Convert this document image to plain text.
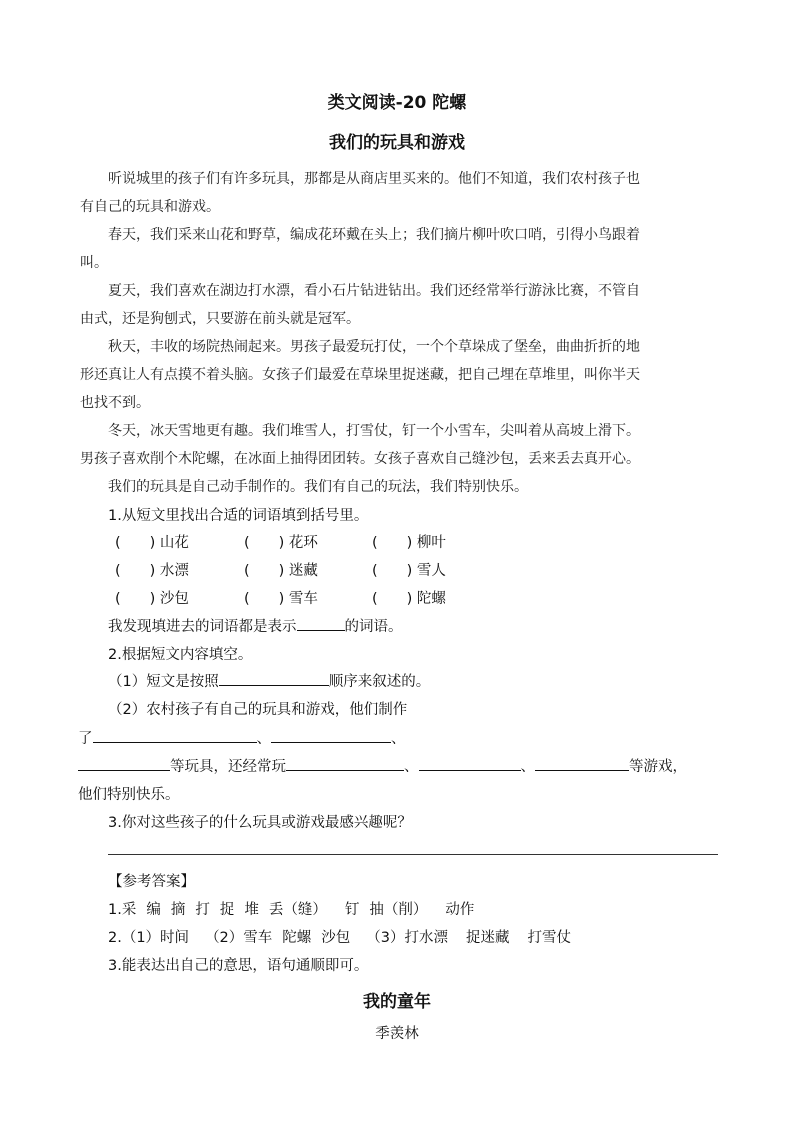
类文阅读-20 陀螺
我们的玩具和游戏
听说城里的孩子们有许多玩具，那都是从商店里买来的。他们不知道，我们农村孩子也
有自己的玩具和游戏。
春天，我们采来山花和野草，编成花环戴在头上；我们摘片柳叶吹口哨，引得小鸟跟着
叫。
夏天，我们喜欢在湖边打水漂，看小石片钻进钻出。我们还经常举行游泳比赛，不管自
由式，还是狗刨式，只要游在前头就是冠军。
秋天，丰收的场院热闹起来。男孩子最爱玩打仗，一个个草垛成了堡垒，曲曲折折的地
形还真让人有点摸不着头脑。女孩子们最爱在草垛里捉迷藏，把自己埋在草堆里，叫你半天
也找不到。
冬天，冰天雪地更有趣。我们堆雪人，打雪仗，钉一个小雪车，尖叫着从高坡上滑下。
男孩子喜欢削个木陀螺，在冰面上抽得团团转。女孩子喜欢自己缝沙包，丢来丢去真开心。
我们的玩具是自己动手制作的。我们有自己的玩法，我们特别快乐。
1.从短文里找出合适的词语填到括号里。
(　　) 山花	(　　) 花环	(　　) 柳叶
(　　) 水漂	(　　) 迷藏	(　　) 雪人
(　　) 沙包	(　　) 雪车	(　　) 陀螺
我发现填进去的词语都是表示	的词语。
2.根据短文内容填空。
（1）短文是按照	顺序来叙述的。
（2）农村孩子有自己的玩具和游戏，他们制作
了	、	、
等玩具，还经常玩	、	、	等游戏，
他们特别快乐。
3.你对这些孩子的什么玩具或游戏最感兴趣呢？
【参考答案】
1.采 编 摘 打 捉 堆 丢（缝） 钉 抽（削） 动作
2.（1）时间 （2）雪车 陀螺 沙包 （3）打水漂 捉迷藏 打雪仗
3.能表达出自己的意思，语句通顺即可。
我的童年
季羡林
